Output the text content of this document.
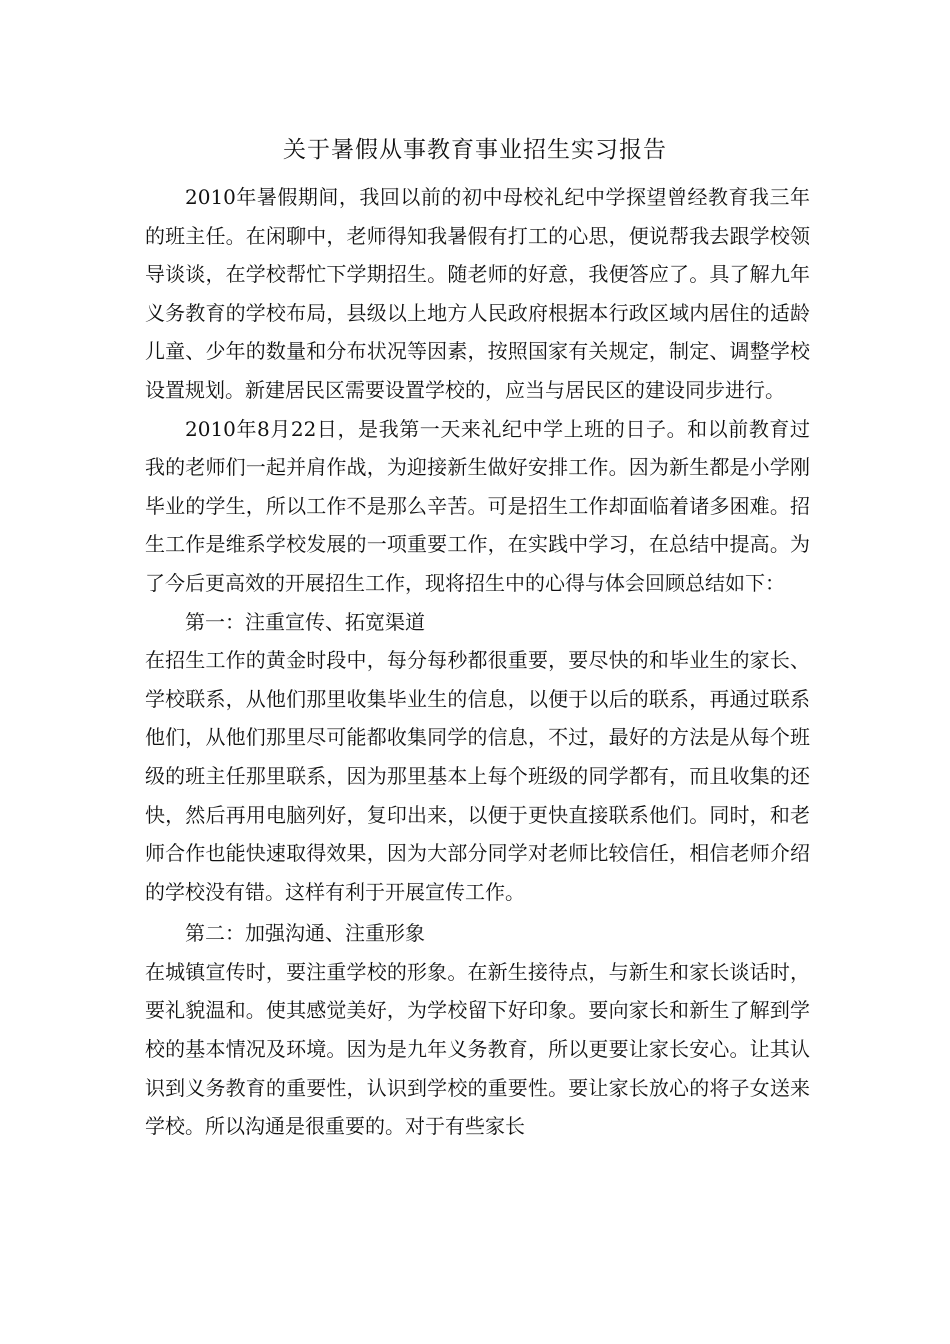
关于暑假从事教育事业招生实习报告

2010年暑假期间，我回以前的初中母校礼纪中学探望曾经教育我三年的班主任。在闲聊中，老师得知我暑假有打工的心思，便说帮我去跟学校领导谈谈，在学校帮忙下学期招生。随老师的好意，我便答应了。具了解九年义务教育的学校布局，县级以上地方人民政府根据本行政区域内居住的适龄儿童、少年的数量和分布状况等因素，按照国家有关规定，制定、调整学校设置规划。新建居民区需要设置学校的，应当与居民区的建设同步进行。

2010年8月22日，是我第一天来礼纪中学上班的日子。和以前教育过我的老师们一起并肩作战，为迎接新生做好安排工作。因为新生都是小学刚毕业的学生，所以工作不是那么辛苦。可是招生工作却面临着诸多困难。招生工作是维系学校发展的一项重要工作，在实践中学习，在总结中提高。为了今后更高效的开展招生工作，现将招生中的心得与体会回顾总结如下：

第一：注重宣传、拓宽渠道

在招生工作的黄金时段中，每分每秒都很重要，要尽快的和毕业生的家长、学校联系，从他们那里收集毕业生的信息，以便于以后的联系，再通过联系他们，从他们那里尽可能都收集同学的信息，不过，最好的方法是从每个班级的班主任那里联系，因为那里基本上每个班级的同学都有，而且收集的还快，然后再用电脑列好，复印出来，以便于更快直接联系他们。同时，和老师合作也能快速取得效果，因为大部分同学对老师比较信任，相信老师介绍的学校没有错。这样有利于开展宣传工作。

第二：加强沟通、注重形象

在城镇宣传时，要注重学校的形象。在新生接待点，与新生和家长谈话时，要礼貌温和。使其感觉美好，为学校留下好印象。要向家长和新生了解到学校的基本情况及环境。因为是九年义务教育，所以更要让家长安心。让其认识到义务教育的重要性，认识到学校的重要性。要让家长放心的将子女送来学校。所以沟通是很重要的。对于有些家长
